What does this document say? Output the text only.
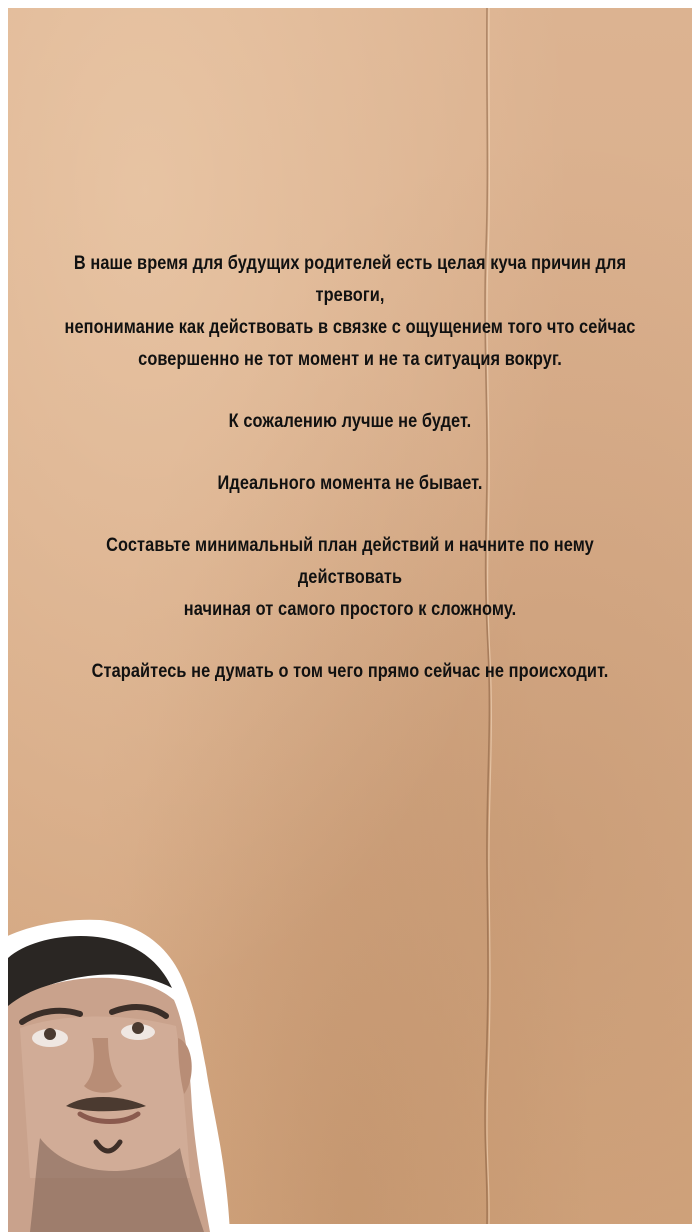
В наше время для будущих родителей есть целая куча причин для тревоги,
непонимание как действовать в связке с ощущением того что сейчас
совершенно не тот момент и не та ситуация вокруг.

К сожалению лучше не будет.

Идеального момента не бывает.

Составьте минимальный план действий и начните по нему действовать
начиная от самого простого к сложному.

Старайтесь не думать о том чего прямо сейчас не происходит.
